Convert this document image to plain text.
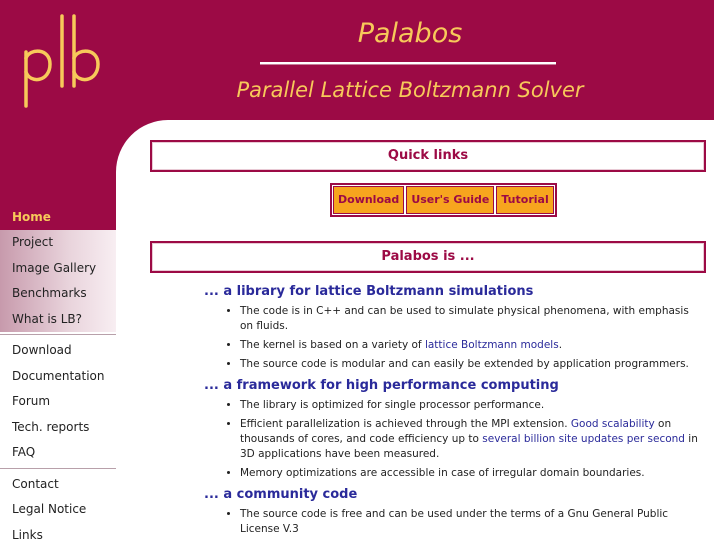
Palabos
Parallel Lattice Boltzmann Solver
Home
Project
Image Gallery
Benchmarks
What is LB?
Download
Documentation
Forum
Tech. reports
FAQ
Contact
Legal Notice
Links
Quick links
Download	User's Guide	Tutorial
Palabos is ...
... a library for lattice Boltzmann simulations
• The code is in C++ and can be used to simulate physical phenomena, with emphasis on fluids.
• The kernel is based on a variety of lattice Boltzmann models.
• The source code is modular and can easily be extended by application programmers.
... a framework for high performance computing
• The library is optimized for single processor performance.
• Efficient parallelization is achieved through the MPI extension. Good scalability on thousands of cores, and code efficiency up to several billion site updates per second in 3D applications have been measured.
• Memory optimizations are accessible in case of irregular domain boundaries.
... a community code
• The source code is free and can be used under the terms of a Gnu General Public License V.3
